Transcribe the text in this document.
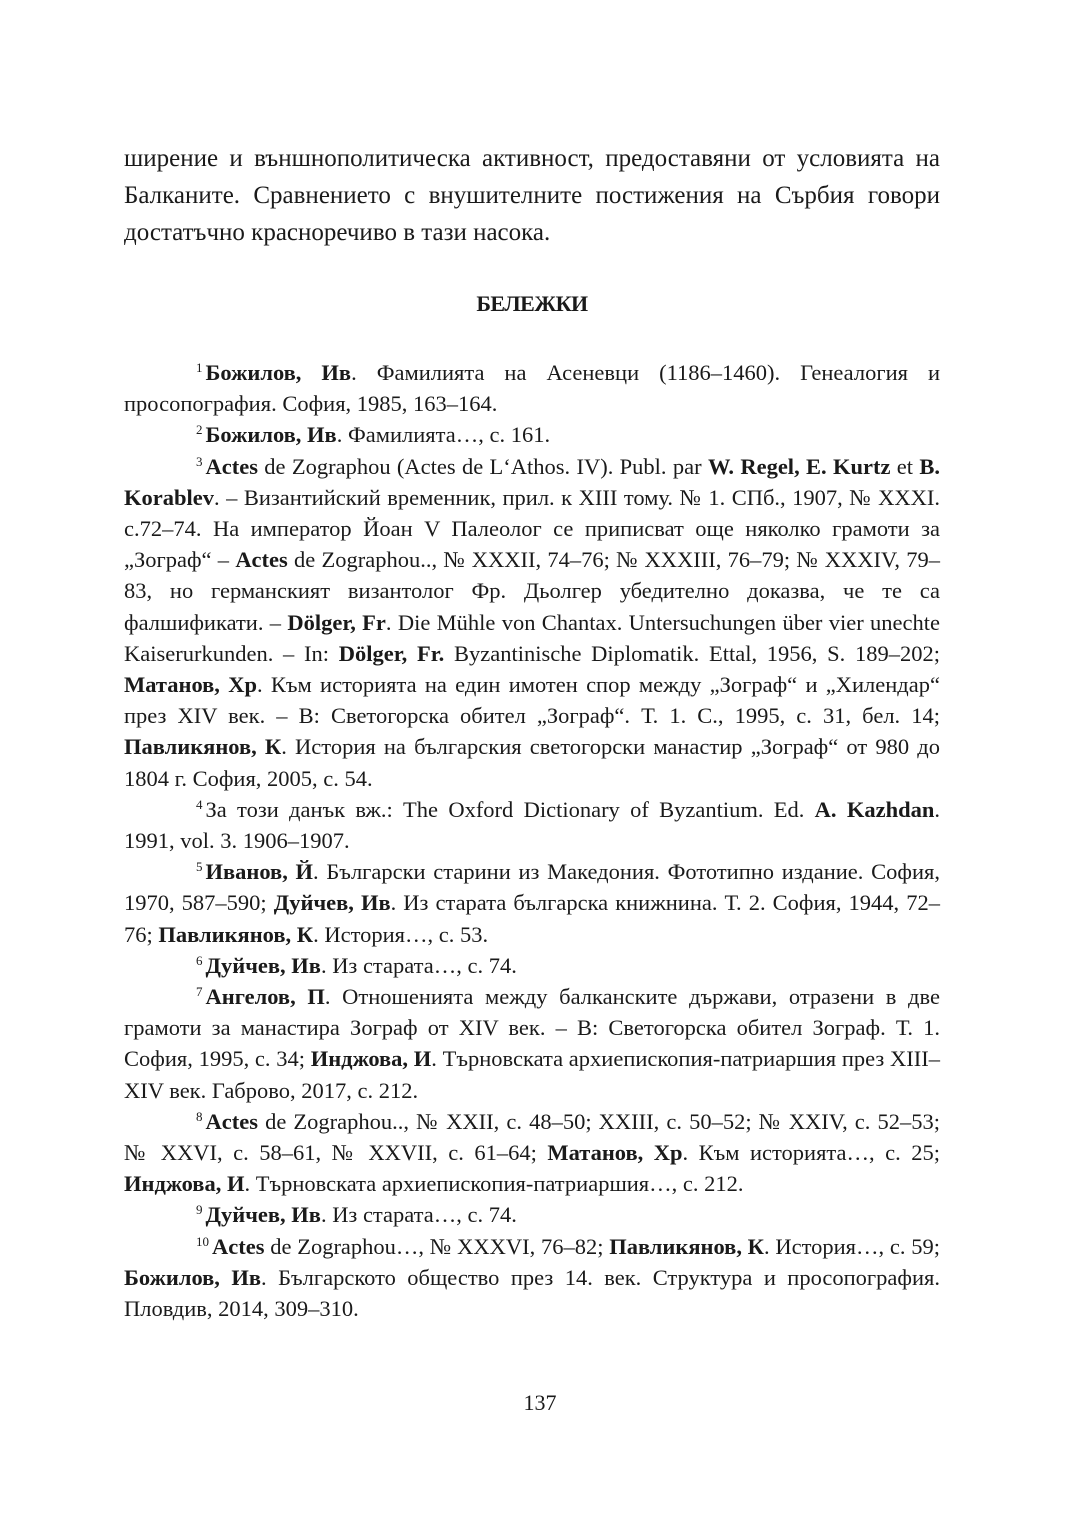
ширение и външнополитическа активност, предоставяни от условията на Балканите. Сравнението с внушителните постижения на Сърбия говори достатъчно красноречиво в тази насока.

БЕЛЕЖКИ

$^1$ Божилов, Ив. Фамилията на Асеневци (1186–1460). Генеалогия и просопография. София, 1985, 163–164.

$^2$ Божилов, Ив. Фамилията…, с. 161.

$^3$ Actes de Zographou (Actes de L‘Athos. IV). Publ. par W. Regel, E. Kurtz et B. Korablev. – Византийский временник, прил. к XIII тому. № 1. СПб., 1907, № XXXI. с.72–74. На император Йоан V Палеолог се приписват още няколко грамоти за „Зограф“ – Actes de Zographou.., № XXXII, 74–76; № XXXIII, 76–79; № XXXIV, 79–83, но германският византолог Фр. Дьолгер убедително доказва, че те са фалшификати. – Dölger, Fr. Die Mühle von Chantax. Untersuchungen über vier unechte Kaiserurkunden. – In: Dölger, Fr. Byzantinische Diplomatik. Ettal, 1956, S. 189–202; Матанов, Хр. Към историята на един имотен спор между „Зограф“ и „Хилендар“ през XIV век. – В: Светогорска обител „Зограф“. Т. 1. С., 1995, с. 31, бел. 14; Павликянов, К. История на българския светогорски манастир „Зограф“ от 980 до 1804 г. София, 2005, с. 54.

$^4$ За този данък вж.: The Oxford Dictionary of Byzantium. Ed. A. Kazhdan. 1991, vol. 3. 1906–1907.

$^5$ Иванов, Й. Български старини из Македония. Фототипно издание. София, 1970, 587–590; Дуйчев, Ив. Из старата българска книжнина. Т. 2. София, 1944, 72–76; Павликянов, К. История…, с. 53.

$^6$ Дуйчев, Ив. Из старата…, с. 74.

$^7$ Ангелов, П. Отношенията между балканските държави, отразени в две грамоти за манастира Зограф от XIV век. – В: Светогорска обител Зограф. Т. 1. София, 1995, с. 34; Инджова, И. Търновската архиепископия-патриаршия през XIII–XIV век. Габрово, 2017, с. 212.

$^8$ Actes de Zographou.., № XXII, с. 48–50; XXIII, с. 50–52; № XXIV, с. 52–53; № XXVI, с. 58–61, № XXVII, с. 61–64; Матанов, Хр. Към историята…, с. 25; Инджова, И. Търновската архиепископия-патриаршия…, с. 212.

$^9$ Дуйчев, Ив. Из старата…, с. 74.

$^{10}$ Actes de Zographou…, № XXXVI, 76–82; Павликянов, К. История…, с. 59; Божилов, Ив. Българското общество през 14. век. Структура и просопография. Пловдив, 2014, 309–310.

137
